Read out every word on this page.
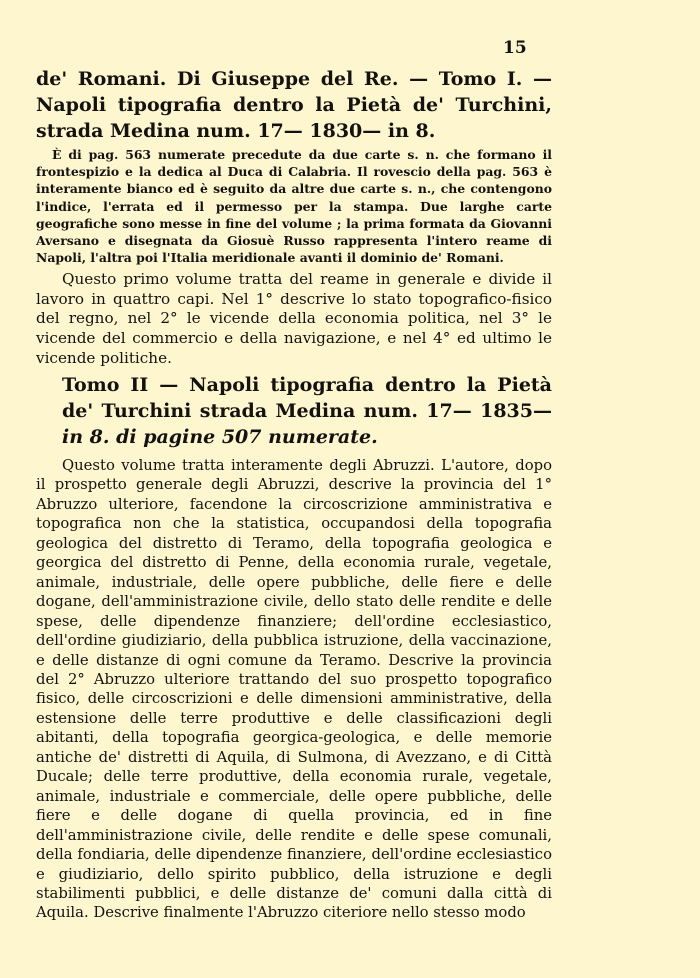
15
de' Romani. Di Giuseppe del Re. — Tomo I. — Napoli tipografia dentro la Pietà de' Turchini, strada Medina num. 17— 1830— in 8.
È di pag. 563 numerate precedute da due carte s. n. che formano il frontespizio e la dedica al Duca di Calabria. Il rovescio della pag. 563 è interamente bianco ed è seguito da altre due carte s. n., che contengono l'indice, l'errata ed il permesso per la stampa. Due larghe carte geografiche sono messe in fine del volume ; la prima formata da Giovanni Aversano e disegnata da Giosuè Russo rappresenta l'intero reame di Napoli, l'altra poi l'Italia meridionale avanti il dominio de' Romani.
Questo primo volume tratta del reame in generale e divide il lavoro in quattro capi. Nel 1° descrive lo stato topografico-fisico del regno, nel 2° le vicende della economia politica, nel 3° le vicende del commercio e della navigazione, e nel 4° ed ultimo le vicende politiche.
Tomo II — Napoli tipografia dentro la Pietà de' Turchini strada Medina num. 17— 1835— in 8. di pagine 507 numerate.
Questo volume tratta interamente degli Abruzzi. L'autore, dopo il prospetto generale degli Abruzzi, descrive la provincia del 1° Abruzzo ulteriore, facendone la circoscrizione amministrativa e topografica non che la statistica, occupandosi della topografia geologica del distretto di Teramo, della topografia geologica e georgica del distretto di Penne, della economia rurale, vegetale, animale, industriale, delle opere pubbliche, delle fiere e delle dogane, dell'amministrazione civile, dello stato delle rendite e delle spese, delle dipendenze finanziere; dell'ordine ecclesiastico, dell'ordine giudiziario, della pubblica istruzione, della vaccinazione, e delle distanze di ogni comune da Teramo. Descrive la provincia del 2° Abruzzo ulteriore trattando del suo prospetto topografico fisico, delle circoscrizioni e delle dimensioni amministrative, della estensione delle terre produttive e delle classificazioni degli abitanti, della topografia georgica-geologica, e delle memorie antiche de' distretti di Aquila, di Sulmona, di Avezzano, e di Città Ducale; delle terre produttive, della economia rurale, vegetale, animale, industriale e commerciale, delle opere pubbliche, delle fiere e delle dogane di quella provincia, ed in fine dell'amministrazione civile, delle rendite e delle spese comunali, della fondiaria, delle dipendenze finanziere, dell'ordine ecclesiastico e giudiziario, dello spirito pubblico, della istruzione e degli stabilimenti pubblici, e delle distanze de' comuni dalla città di Aquila. Descrive finalmente l'Abruzzo citeriore nello stesso modo
